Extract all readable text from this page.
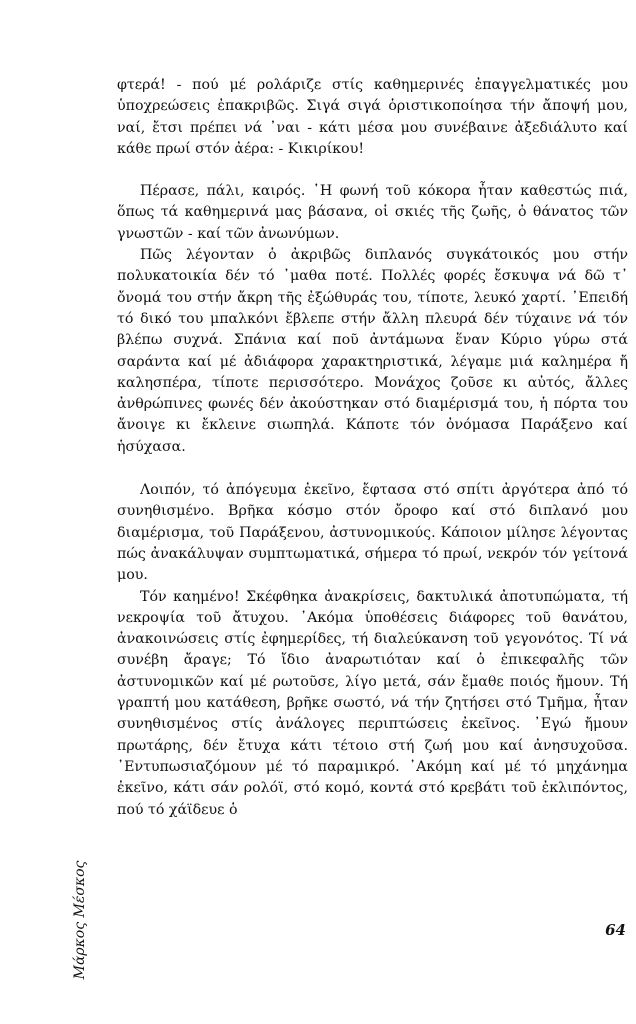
φτερά! - πού μέ ρολάριζε στίς καθημερινές ἐπαγγελματικές μου ὑποχρεώσεις ἐπακριβῶς. Σιγά σιγά ὁριστικοποίησα τήν ἄποψή μου, ναί, ἔτσι πρέπει νά ᾿ναι - κάτι μέσα μου συνέβαινε ἀξεδιάλυτο καί κάθε πρωί στόν ἀέρα: - Κικιρίκου!

Πέρασε, πάλι, καιρός. ῾Η φωνή τοῦ κόκορα ἦταν καθεστώς πιά, ὅπως τά καθημερινά μας βάσανα, οἱ σκιές τῆς ζωῆς, ὁ θάνατος τῶν γνωστῶν - καί τῶν ἀνωνύμων.

Πῶς λέγονταν ὁ ἀκριβῶς διπλανός συγκάτοικός μου στήν πολυκατοικία δέν τό ᾿μαθα ποτέ. Πολλές φορές ἔσκυψα νά δῶ τ᾿ ὄνομά του στήν ἄκρη τῆς ἐξώθυράς του, τίποτε, λευκό χαρτί. ᾿Επειδή τό δικό του μπαλκόνι ἔβλεπε στήν ἄλλη πλευρά δέν τύχαινε νά τόν βλέπω συχνά. Σπάνια καί ποῦ ἀντάμωνα ἕναν Κύριο γύρω στά σαράντα καί μέ ἀδιάφορα χαρακτηριστικά, λέγαμε μιά καλημέρα ἤ καλησπέρα, τίποτε περισσότερο. Μονάχος ζοῦσε κι αὐτός, ἄλλες ἀνθρώπινες φωνές δέν ἀκούστηκαν στό διαμέρισμά του, ἡ πόρτα του ἄνοιγε κι ἔκλεινε σιωπηλά. Κάποτε τόν ὀνόμασα Παράξενο καί ἡσύχασα.

Λοιπόν, τό ἀπόγευμα ἐκεῖνο, ἔφτασα στό σπίτι ἀργότερα ἀπό τό συνηθισμένο. Βρῆκα κόσμο στόν ὄροφο καί στό διπλανό μου διαμέρισμα, τοῦ Παράξενου, ἀστυνομικούς. Κάποιον μίλησε λέγοντας πώς ἀνακάλυψαν συμπτωματικά, σήμερα τό πρωί, νεκρόν τόν γείτονά μου.

Τόν καημένο! Σκέφθηκα ἀνακρίσεις, δακτυλικά ἀποτυπώματα, τή νεκροψία τοῦ ἄτυχου. ᾿Ακόμα ὑποθέσεις διάφορες τοῦ θανάτου, ἀνακοινώσεις στίς ἐφημερίδες, τή διαλεύκανση τοῦ γεγονότος. Τί νά συνέβη ἄραγε; Τό ἴδιο ἀναρωτιόταν καί ὁ ἐπικεφαλῆς τῶν ἀστυνομικῶν καί μέ ρωτοῦσε, λίγο μετά, σάν ἔμαθε ποιός ἤμουν. Τή γραπτή μου κατάθεση, βρῆκε σωστό, νά τήν ζητήσει στό Τμῆμα, ἦταν συνηθισμένος στίς ἀνάλογες περιπτώσεις ἐκεῖνος. ᾿Εγώ ἤμουν πρωτάρης, δέν ἔτυχα κάτι τέτοιο στή ζωή μου καί ἀνησυχοῦσα. ᾿Εντυπωσιαζόμουν μέ τό παραμικρό. ᾿Ακόμη καί μέ τό μηχάνημα ἐκεῖνο, κάτι σάν ρολόϊ, στό κομό, κοντά στό κρεβάτι τοῦ ἐκλιπόντος, πού τό χάϊδευε ὁ

Μάρκος Μέσκος	64
